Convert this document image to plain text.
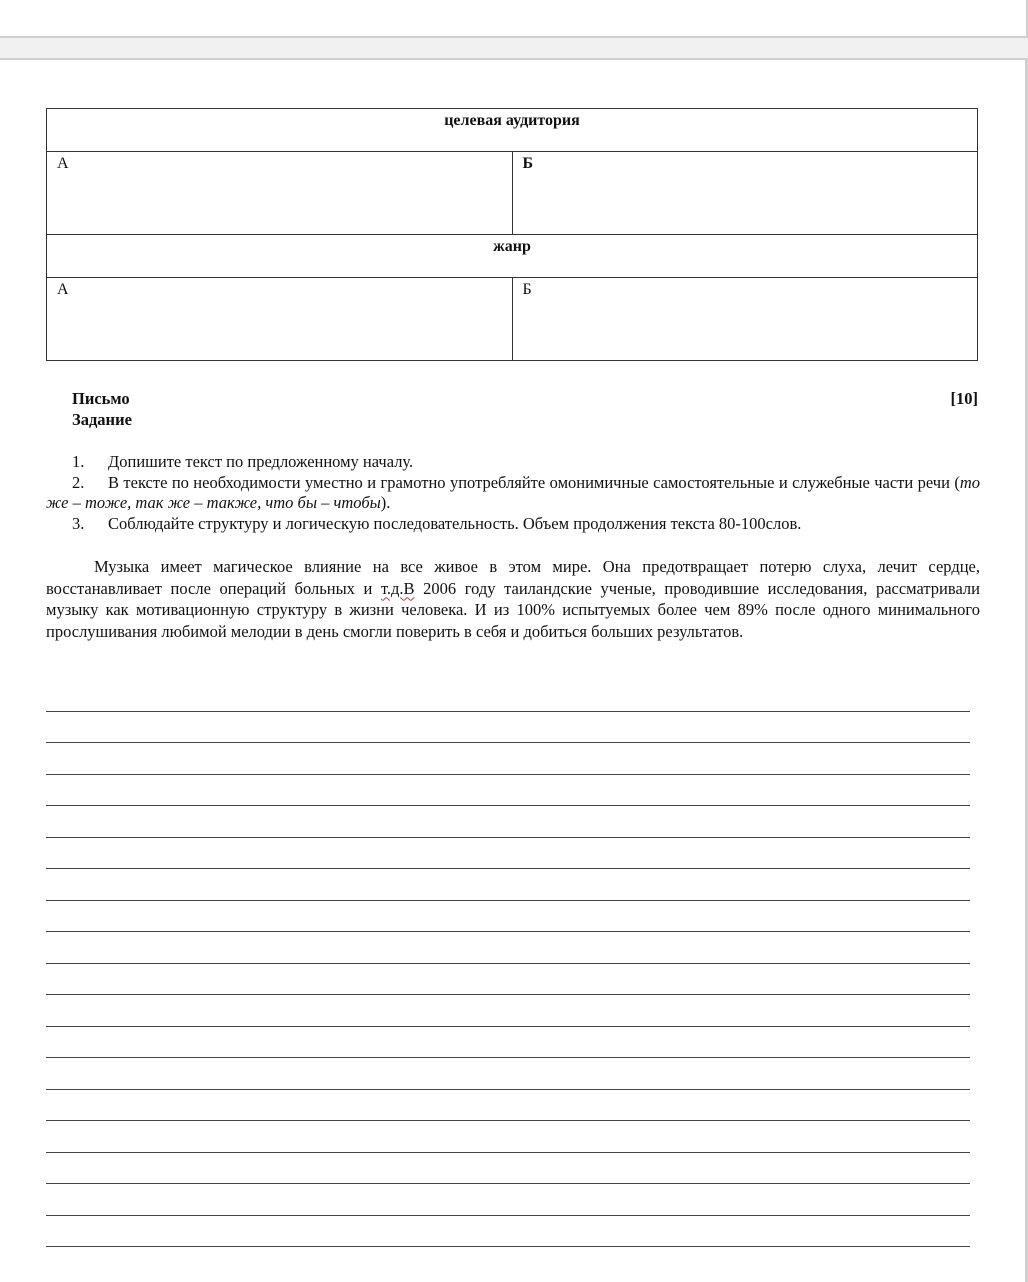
целевая аудитория	
А	Б
жанр	
А	Б
Письмо
Задание
[10]
1. Допишите текст по предложенному началу.
2. В тексте по необходимости уместно и грамотно употребляйте омонимичные самостоятельные и служебные части речи (то же – тоже, так же – также, что бы – чтобы).
3. Соблюдайте структуру и логическую последовательность. Объем продолжения текста 80-100слов.
Музыка имеет магическое влияние на все живое в этом мире. Она предотвращает потерю слуха, лечит сердце, восстанавливает после операций больных и т.д.В 2006 году таиландские ученые, проводившие исследования, рассматривали музыку как мотивационную структуру в жизни человека. И из 100% испытуемых более чем 89% после одного минимального прослушивания любимой мелодии в день смогли поверить в себя и добиться больших результатов.
